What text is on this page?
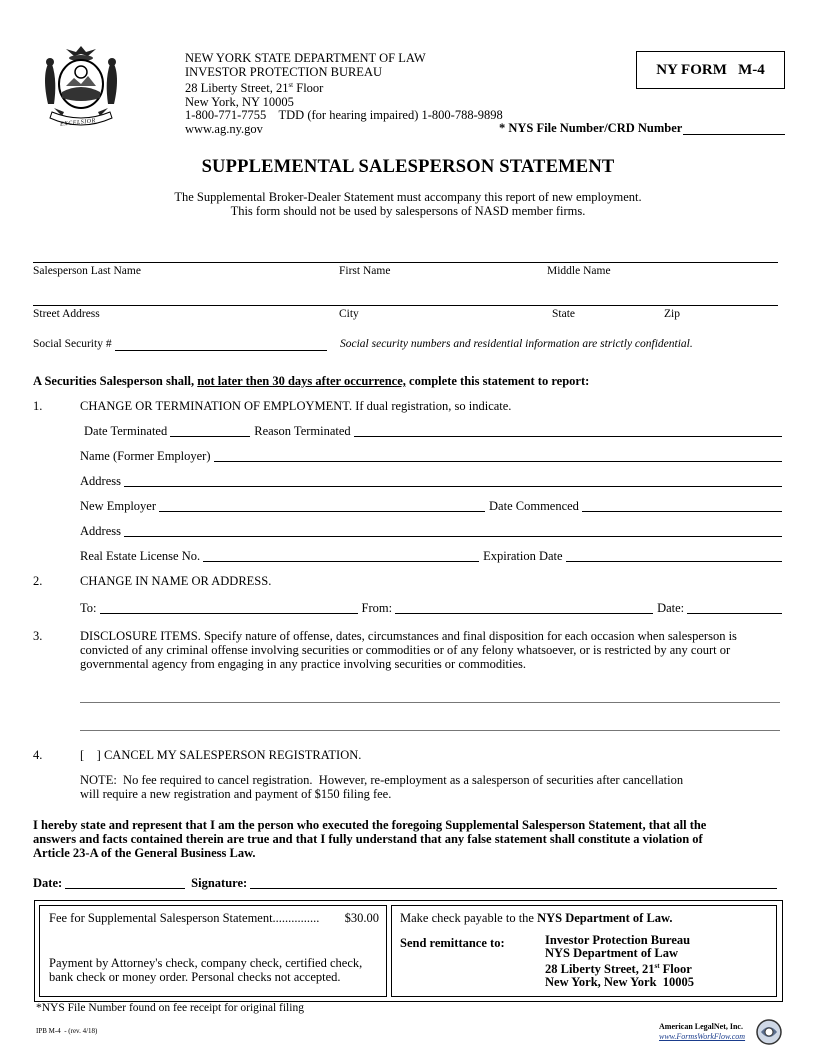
EXCELSIOR
NEW YORK STATE DEPARTMENT OF LAW
INVESTOR PROTECTION BUREAU
28 Liberty Street, 21st Floor
New York, NY 10005
1-800-771-7755    TDD (for hearing impaired) 1-800-788-9898
www.ag.ny.gov	* NYS File Number/CRD Number
NY FORM   M-4
SUPPLEMENTAL SALESPERSON STATEMENT
The Supplemental Broker-Dealer Statement must accompany this report of new employment.
This form should not be used by salespersons of NASD member firms.
Salesperson Last Name	First Name	Middle Name
Street Address	City	State	Zip
Social Security #	Social security numbers and residential information are strictly confidential.
A Securities Salesperson shall, not later then 30 days after occurrence, complete this statement to report:
1.	CHANGE OR TERMINATION OF EMPLOYMENT. If dual registration, so indicate.
Date Terminated	Reason Terminated
Name (Former Employer)
Address
New Employer	Date Commenced
Address
Real Estate License No.	Expiration Date
2.	CHANGE IN NAME OR ADDRESS.
To:	From:	Date:
3.	DISCLOSURE ITEMS. Specify nature of offense, dates, circumstances and final disposition for each occasion when salesperson is
convicted of any criminal offense involving securities or commodities or of any felony whatsoever, or is restricted by any court or
governmental agency from engaging in any practice involving securities or commodities.
4.	[    ] CANCEL MY SALESPERSON REGISTRATION.
NOTE:  No fee required to cancel registration.  However, re-employment as a salesperson of securities after cancellation
will require a new registration and payment of $150 filing fee.
I hereby state and represent that I am the person who executed the foregoing Supplemental Salesperson Statement, that all the
answers and facts contained therein are true and that I fully understand that any false statement shall constitute a violation of
Article 23-A of the General Business Law.
Date:	Signature:
Fee for Supplemental Salesperson Statement............... $30.00
Payment by Attorney's check, company check, certified check,
bank check or money order. Personal checks not accepted.
Make check payable to the NYS Department of Law.
Send remittance to:	Investor Protection Bureau
NYS Department of Law
28 Liberty Street, 21st Floor
New York, New York  10005
*NYS File Number found on fee receipt for original filing
IPB M-4  - (rev. 4/18)	American LegalNet, Inc.
www.FormsWorkFlow.com
